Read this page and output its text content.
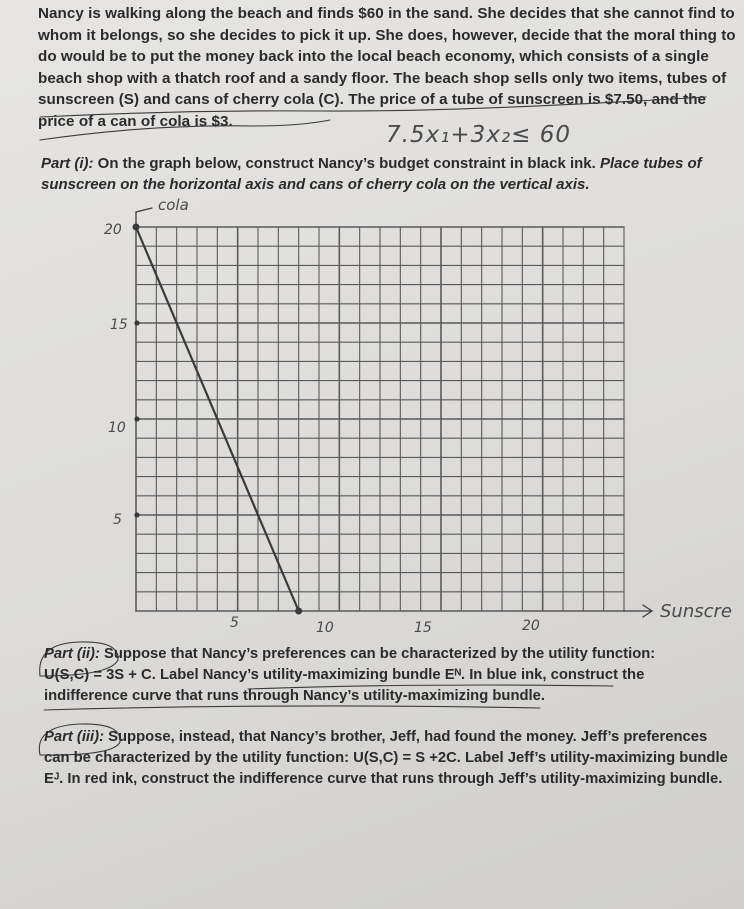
Nancy is walking along the beach and finds $60 in the sand. She decides that she cannot find to
whom it belongs, so she decides to pick it up. She does, however, decide that the moral thing to
do would be to put the money back into the local beach economy, which consists of a single
beach shop with a thatch roof and a sandy floor. The beach shop sells only two items, tubes of
sunscreen (S) and cans of cherry cola (C). The price of a tube of sunscreen is $7.50, and the
price of a can of cola is $3.
7.5x₁+3x₂≤ 60
Part (i): On the graph below, construct Nancy’s budget constraint in black ink. Place tubes of
sunscreen on the horizontal axis and cans of cherry cola on the vertical axis.
cola
20
15
10
5
5	10	15	20
Sunscre
Part (ii): Suppose that Nancy’s preferences can be characterized by the utility function:
U(S,C) = 3S + C. Label Nancy’s utility-maximizing bundle Eᴺ. In blue ink, construct the
indifference curve that runs through Nancy’s utility-maximizing bundle.
Part (iii): Suppose, instead, that Nancy’s brother, Jeff, had found the money. Jeff’s preferences
can be characterized by the utility function: U(S,C) = S +2C. Label Jeff’s utility-maximizing bundle
Eᴶ. In red ink, construct the indifference curve that runs through Jeff’s utility-maximizing bundle.
